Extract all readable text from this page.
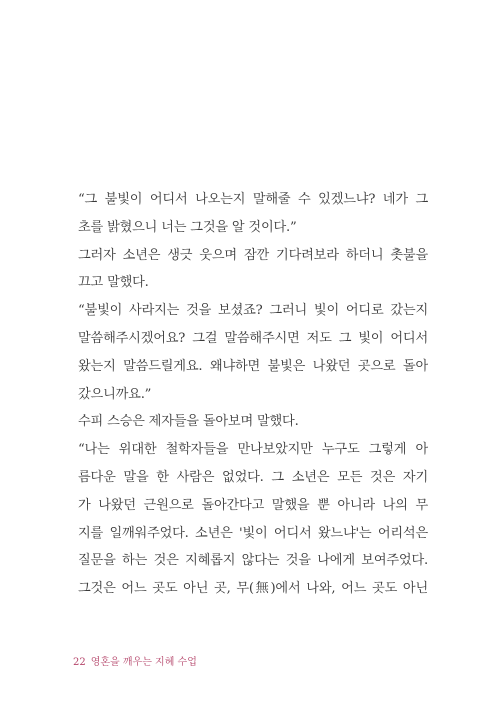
“그 불빛이 어디서 나오는지 말해줄 수 있겠느냐? 네가 그
초를 밝혔으니 너는 그것을 알 것이다.”
그러자 소년은 생긋 웃으며 잠깐 기다려보라 하더니 촛불을
끄고 말했다.
“불빛이 사라지는 것을 보셨죠? 그러니 빛이 어디로 갔는지
말씀해주시겠어요? 그걸 말씀해주시면 저도 그 빛이 어디서
왔는지 말씀드릴게요. 왜냐하면 불빛은 나왔던 곳으로 돌아
갔으니까요.”
수피 스승은 제자들을 돌아보며 말했다.
“나는 위대한 철학자들을 만나보았지만 누구도 그렇게 아
름다운 말을 한 사람은 없었다. 그 소년은 모든 것은 자기
가 나왔던 근원으로 돌아간다고 말했을 뿐 아니라 나의 무
지를 일깨워주었다. 소년은 '빛이 어디서 왔느냐'는 어리석은
질문을 하는 것은 지혜롭지 않다는 것을 나에게 보여주었다.
그것은 어느 곳도 아닌 곳, 무(無)에서 나와, 어느 곳도 아닌
22 영혼을 깨우는 지혜 수업
